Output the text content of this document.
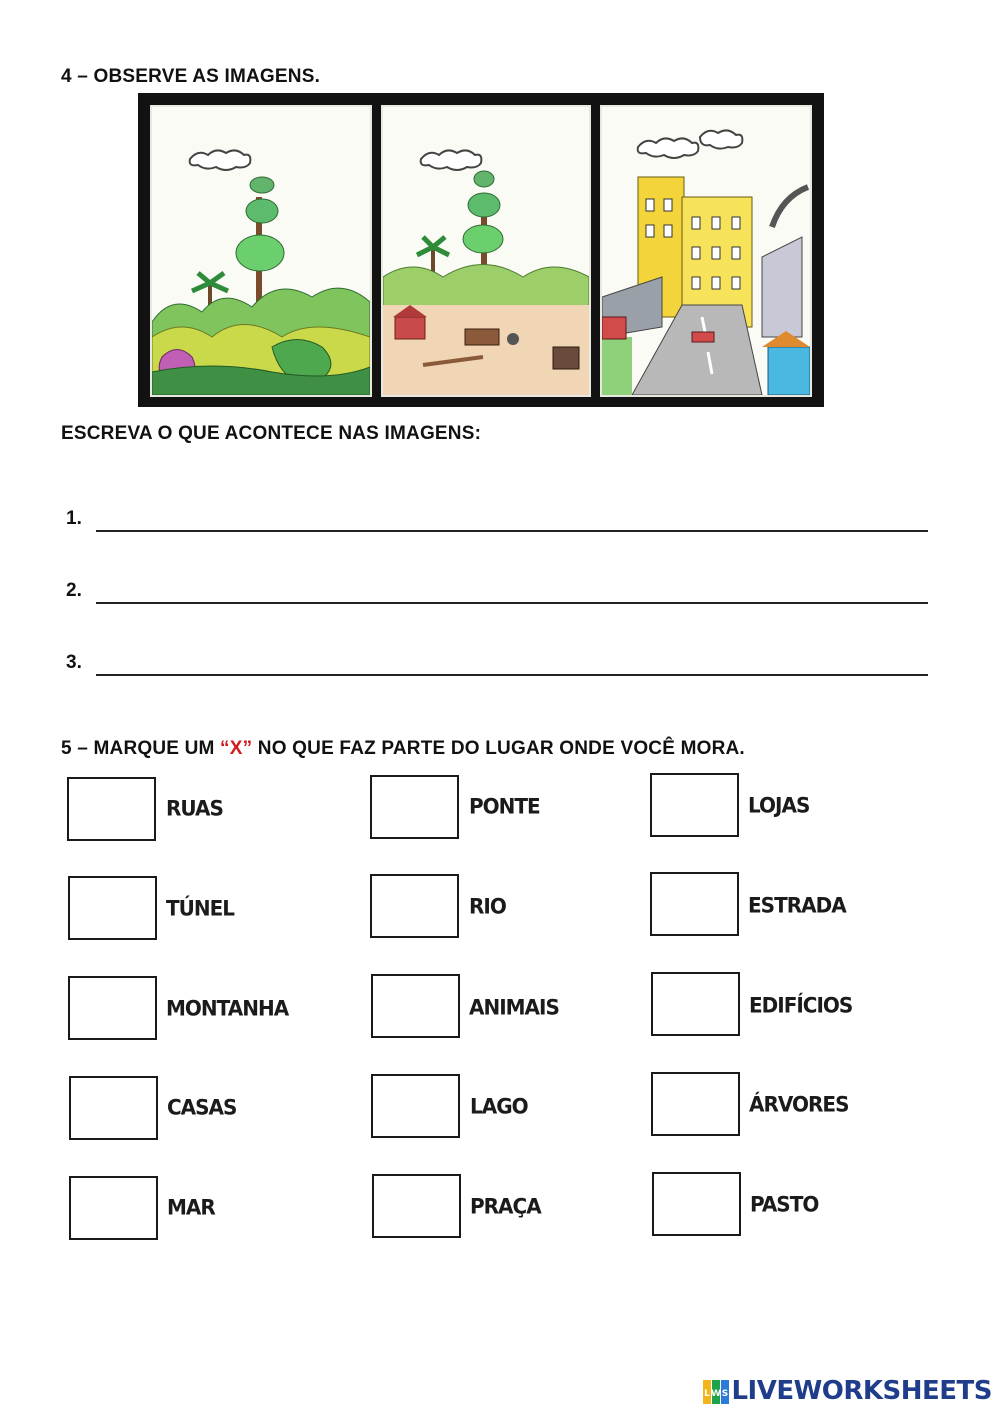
4 – OBSERVE AS IMAGENS.
ESCREVA O QUE ACONTECE NAS IMAGENS:
1.
2.
3.
5 – MARQUE UM “X” NO QUE FAZ PARTE DO LUGAR ONDE VOCÊ MORA.
RUAS	PONTE	LOJAS
TÚNEL	RIO	ESTRADA
MONTANHA	ANIMAIS	EDIFÍCIOS
CASAS	LAGO	ÁRVORES
MAR	PRAÇA	PASTO
L W S LIVEWORKSHEETS
